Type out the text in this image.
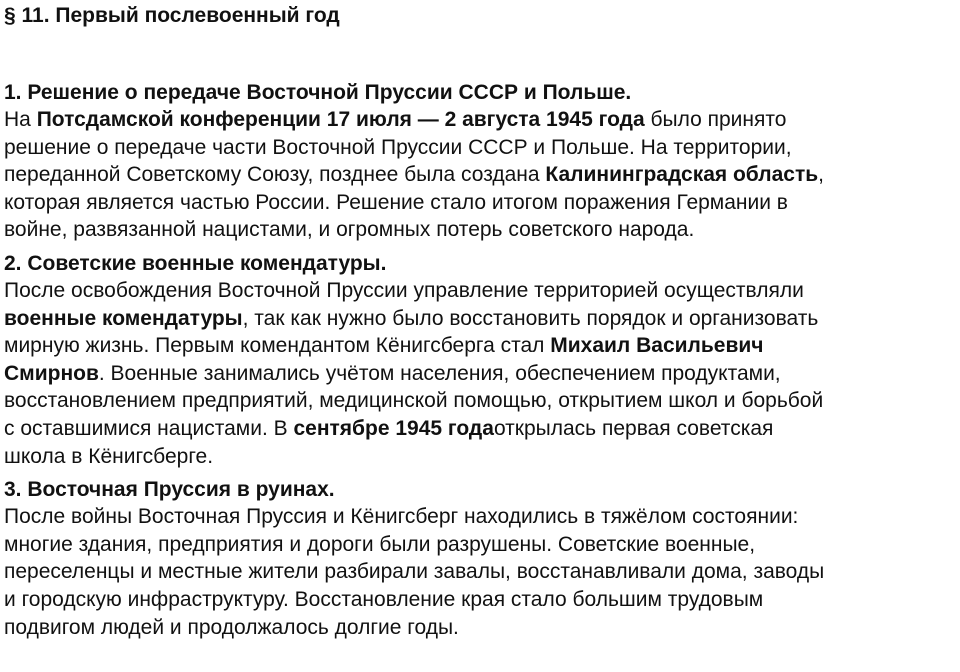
§ 11. Первый послевоенный год
1. Решение о передаче Восточной Пруссии СССР и Польше.
На Потсдамской конференции 17 июля — 2 августа 1945 года было принято
решение о передаче части Восточной Пруссии СССР и Польше. На территории,
переданной Советскому Союзу, позднее была создана Калининградская область,
которая является частью России. Решение стало итогом поражения Германии в
войне, развязанной нацистами, и огромных потерь советского народа.
2. Советские военные комендатуры.
После освобождения Восточной Пруссии управление территорией осуществляли
военные комендатуры, так как нужно было восстановить порядок и организовать
мирную жизнь. Первым комендантом Кёнигсберга стал Михаил Васильевич
Смирнов. Военные занимались учётом населения, обеспечением продуктами,
восстановлением предприятий, медицинской помощью, открытием школ и борьбой
с оставшимися нацистами. В сентябре 1945 годаоткрылась первая советская
школа в Кёнигсберге.
3. Восточная Пруссия в руинах.
После войны Восточная Пруссия и Кёнигсберг находились в тяжёлом состоянии:
многие здания, предприятия и дороги были разрушены. Советские военные,
переселенцы и местные жители разбирали завалы, восстанавливали дома, заводы
и городскую инфраструктуру. Восстановление края стало большим трудовым
подвигом людей и продолжалось долгие годы.
